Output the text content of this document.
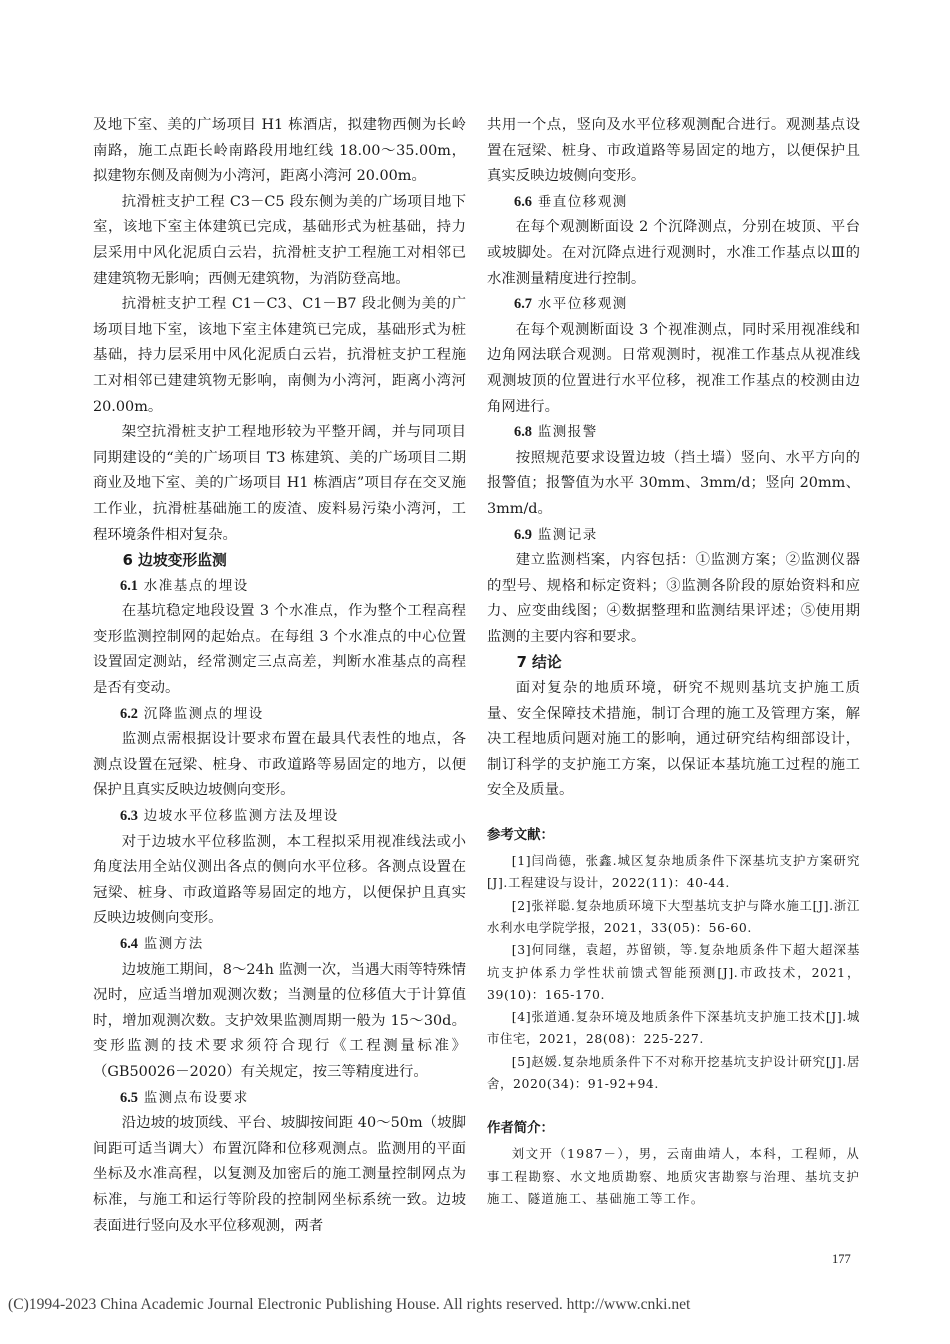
及地下室、美的广场项目 H1 栋酒店，拟建物西侧为长岭南路，施工点距长岭南路段用地红线 18.00～35.00m，拟建物东侧及南侧为小湾河，距离小湾河 20.00m。

抗滑桩支护工程 C3－C5 段东侧为美的广场项目地下室，该地下室主体建筑已完成，基础形式为桩基础，持力层采用中风化泥质白云岩，抗滑桩支护工程施工对相邻已建建筑物无影响；西侧无建筑物，为消防登高地。

抗滑桩支护工程 C1－C3、C1－B7 段北侧为美的广场项目地下室，该地下室主体建筑已完成，基础形式为桩基础，持力层采用中风化泥质白云岩，抗滑桩支护工程施工对相邻已建建筑物无影响，南侧为小湾河，距离小湾河 20.00m。

架空抗滑桩支护工程地形较为平整开阔，并与同项目同期建设的“美的广场项目 T3 栋建筑、美的广场项目二期商业及地下室、美的广场项目 H1 栋酒店”项目存在交叉施工作业，抗滑桩基础施工的废渣、废料易污染小湾河，工程环境条件相对复杂。

6 边坡变形监测

6.1 水准基点的埋设

在基坑稳定地段设置 3 个水准点，作为整个工程高程变形监测控制网的起始点。在每组 3 个水准点的中心位置设置固定测站，经常测定三点高差，判断水准基点的高程是否有变动。

6.2 沉降监测点的埋设

监测点需根据设计要求布置在最具代表性的地点，各测点设置在冠梁、桩身、市政道路等易固定的地方，以便保护且真实反映边坡侧向变形。

6.3 边坡水平位移监测方法及埋设

对于边坡水平位移监测，本工程拟采用视准线法或小角度法用全站仪测出各点的侧向水平位移。各测点设置在冠梁、桩身、市政道路等易固定的地方，以便保护且真实反映边坡侧向变形。

6.4 监测方法

边坡施工期间，8～24h 监测一次，当遇大雨等特殊情况时，应适当增加观测次数；当测量的位移值大于计算值时，增加观测次数。支护效果监测周期一般为 15～30d。变形监测的技术要求须符合现行《工程测量标准》（GB50026－2020）有关规定，按三等精度进行。

6.5 监测点布设要求

沿边坡的坡顶线、平台、坡脚按间距 40～50m（坡脚间距可适当调大）布置沉降和位移观测点。监测用的平面坐标及水准高程，以复测及加密后的施工测量控制网点为标准，与施工和运行等阶段的控制网坐标系统一致。边坡表面进行竖向及水平位移观测，两者

共用一个点，竖向及水平位移观测配合进行。观测基点设置在冠梁、桩身、市政道路等易固定的地方，以便保护且真实反映边坡侧向变形。

6.6 垂直位移观测

在每个观测断面设 2 个沉降测点，分别在坡顶、平台或坡脚处。在对沉降点进行观测时，水准工作基点以Ⅲ的水准测量精度进行控制。

6.7 水平位移观测

在每个观测断面设 3 个视准测点，同时采用视准线和边角网法联合观测。日常观测时，视准工作基点从视准线观测坡顶的位置进行水平位移，视准工作基点的校测由边角网进行。

6.8 监测报警

按照规范要求设置边坡（挡土墙）竖向、水平方向的报警值；报警值为水平 30mm、3mm/d；竖向 20mm、3mm/d。

6.9 监测记录

建立监测档案，内容包括：①监测方案；②监测仪器的型号、规格和标定资料；③监测各阶段的原始资料和应力、应变曲线图；④数据整理和监测结果评述；⑤使用期监测的主要内容和要求。

7 结论

面对复杂的地质环境，研究不规则基坑支护施工质量、安全保障技术措施，制订合理的施工及管理方案，解决工程地质问题对施工的影响，通过研究结构细部设计，制订科学的支护施工方案，以保证本基坑施工过程的施工安全及质量。

参考文献：

[1]闫尚德，张鑫.城区复杂地质条件下深基坑支护方案研究[J].工程建设与设计，2022(11)：40-44.

[2]张祥聪.复杂地质环境下大型基坑支护与降水施工[J].浙江水利水电学院学报，2021，33(05)：56-60.

[3]何同继，袁超，苏留锁，等.复杂地质条件下超大超深基坑支护体系力学性状前馈式智能预测[J].市政技术，2021，39(10)：165-170.

[4]张道通.复杂环境及地质条件下深基坑支护施工技术[J].城市住宅，2021，28(08)：225-227.

[5]赵媛.复杂地质条件下不对称开挖基坑支护设计研究[J].居舍，2020(34)：91-92+94.

作者简介：

刘文开（1987－），男，云南曲靖人，本科，工程师，从事工程勘察、水文地质勘察、地质灾害勘察与治理、基坑支护施工、隧道施工、基础施工等工作。

177
(C)1994-2023 China Academic Journal Electronic Publishing House. All rights reserved. http://www.cnki.net
